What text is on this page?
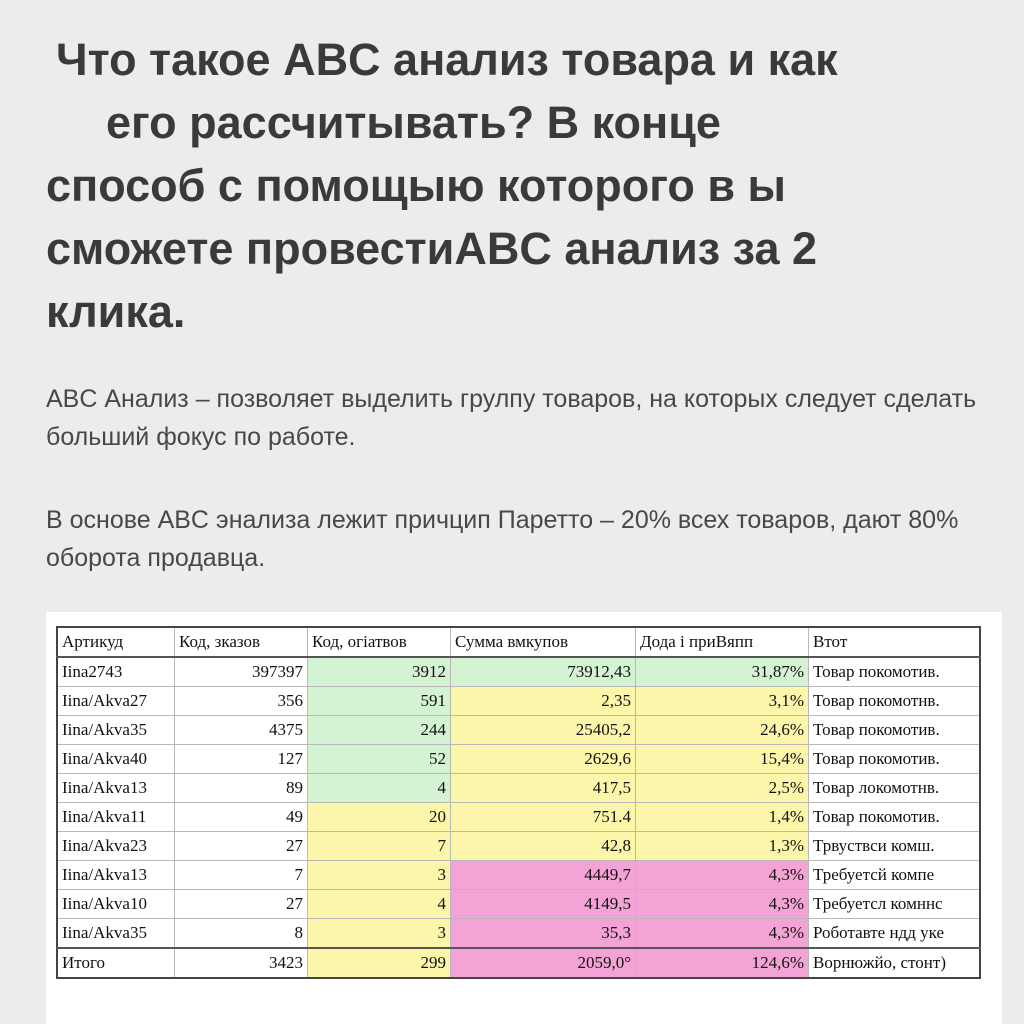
Что такое ABC анализ товара и как
его рассчитывать? В конце
способ с помощыю которого в ы
сможете провестиABC анализ за 2
клика.

ABC Анализ – позволяет выделить грулпу товаров, на которых следует сделать больший фокус по работе.

В основе ABC энализа лежит причцип Паретто – 20% всех товаров, дают 80% оборота продавца.

Артикуд	Код, зказов	Код, огіатвов	Сумма вмкупов	Дода і приВяпп	Втот
Iina2743	397397	3912	73912,43	31,87%	Товар покомотив.
Iina/Akva27	356	591	2,35	3,1%	Товар покомотнв.
Iina/Akva35	4375	244	25405,2	24,6%	Товар покомотив.
Iina/Akva40	127	52	2629,6	15,4%	Товар покомотив.
Iina/Akva13	89	4	417,5	2,5%	Товар локомотнв.
Iina/Akva11	49	20	751.4	1,4%	Товар покомотив.
Iina/Akva23	27	7	42,8	1,3%	Трвуствси комш.
Iina/Akva13	7	3	4449,7	4,3%	Требуетсй компе
Iina/Akva10	27	4	4149,5	4,3%	Требуетсл комннс
Iina/Akva35	8	3	35,3	4,3%	Роботавте ндд уке
Итого	3423	299	2059,0°	124,6%	Ворнюжйо, стонт)
